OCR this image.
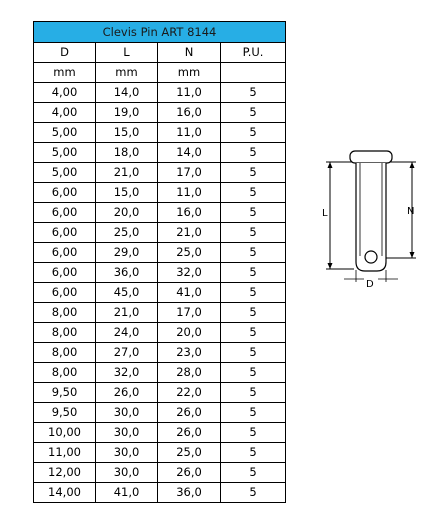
Clevis Pin ART 8144			
D	L	N	P.U.
mm	mm	mm	
4,00	14,0	11,0	5
4,00	19,0	16,0	5
5,00	15,0	11,0	5
5,00	18,0	14,0	5
5,00	21,0	17,0	5
6,00	15,0	11,0	5
6,00	20,0	16,0	5
6,00	25,0	21,0	5
6,00	29,0	25,0	5
6,00	36,0	32,0	5
6,00	45,0	41,0	5
8,00	21,0	17,0	5
8,00	24,0	20,0	5
8,00	27,0	23,0	5
8,00	32,0	28,0	5
9,50	26,0	22,0	5
9,50	30,0	26,0	5
10,00	30,0	26,0	5
11,00	30,0	25,0	5
12,00	30,0	26,0	5
14,00	41,0	36,0	5
L	N
D
